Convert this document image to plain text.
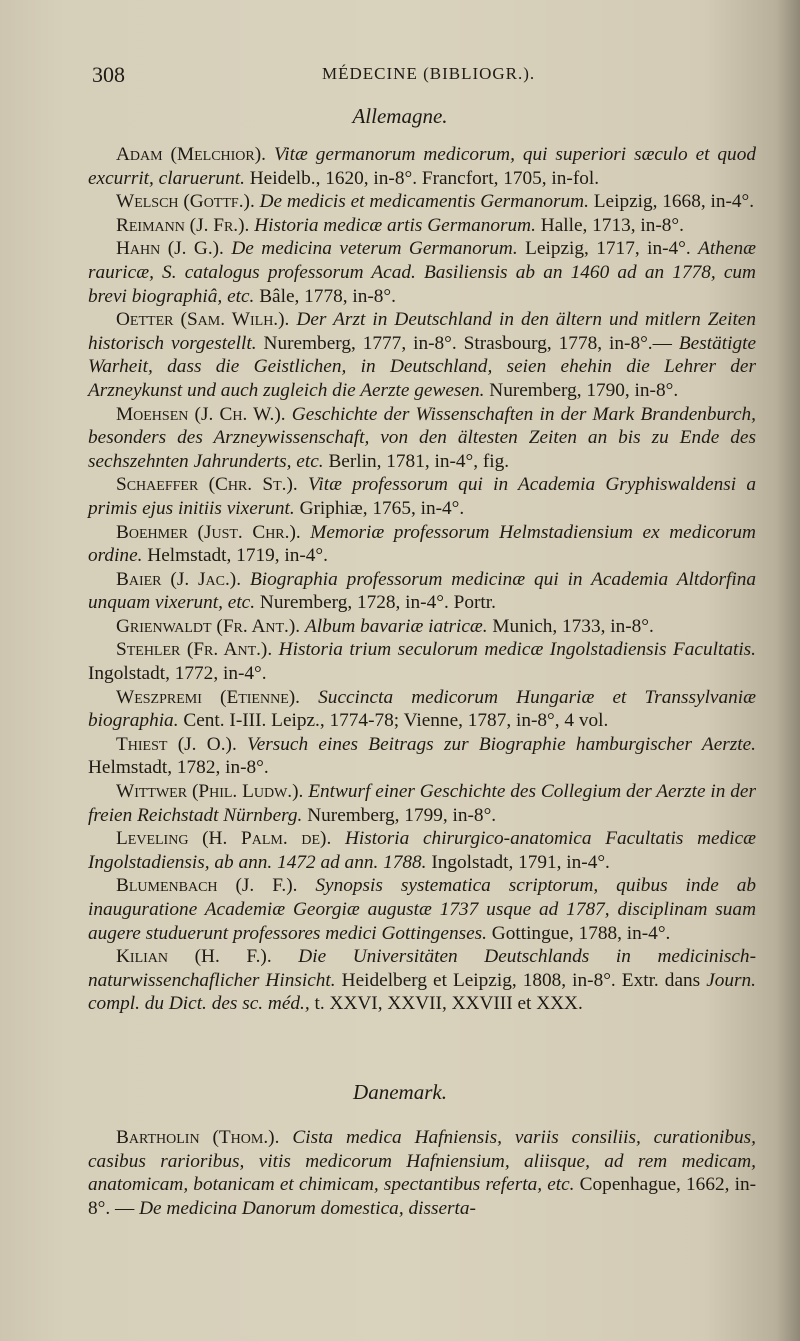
308	MÉDECINE (BIBLIOGR.).
Allemagne.

Adam (Melchior). Vitæ germanorum medicorum, qui superiori sæculo et quod excurrit, claruerunt. Heidelb., 1620, in-8°. Francfort, 1705, in-fol.

Welsch (Gottf.). De medicis et medicamentis Germanorum. Leipzig, 1668, in-4°.

Reimann (J. Fr.). Historia medicæ artis Germanorum. Halle, 1713, in-8°.

Hahn (J. G.). De medicina veterum Germanorum. Leipzig, 1717, in-4°. Athenæ rauricæ, S. catalogus professorum Acad. Basiliensis ab an 1460 ad an 1778, cum brevi biographiâ, etc. Bâle, 1778, in-8°.

Oetter (Sam. Wilh.). Der Arzt in Deutschland in den ältern und mitlern Zeiten historisch vorgestellt. Nuremberg, 1777, in-8°. Strasbourg, 1778, in-8°.— Bestätigte Warheit, dass die Geistlichen, in Deutschland, seien ehehin die Lehrer der Arzneykunst und auch zugleich die Aerzte gewesen. Nuremberg, 1790, in-8°.

Moehsen (J. Ch. W.). Geschichte der Wissenschaften in der Mark Brandenburch, besonders des Arzneywissenschaft, von den ältesten Zeiten an bis zu Ende des sechszehnten Jahrunderts, etc. Berlin, 1781, in-4°, fig.

Schaeffer (Chr. St.). Vitæ professorum qui in Academia Gryphiswaldensi a primis ejus initiis vixerunt. Griphiæ, 1765, in-4°.

Boehmer (Just. Chr.). Memoriæ professorum Helmstadiensium ex medicorum ordine. Helmstadt, 1719, in-4°.

Baier (J. Jac.). Biographia professorum medicinæ qui in Academia Altdorfina unquam vixerunt, etc. Nuremberg, 1728, in-4°. Portr.

Grienwaldt (Fr. Ant.). Album bavariæ iatricæ. Munich, 1733, in-8°.

Stehler (Fr. Ant.). Historia trium seculorum medicæ Ingolstadiensis Facultatis. Ingolstadt, 1772, in-4°.

Weszpremi (Etienne). Succincta medicorum Hungariæ et Transsylvaniæ biographia. Cent. I-III. Leipz., 1774-78; Vienne, 1787, in-8°, 4 vol.

Thiest (J. O.). Versuch eines Beitrags zur Biographie hamburgischer Aerzte. Helmstadt, 1782, in-8°.

Wittwer (Phil. Ludw.). Entwurf einer Geschichte des Collegium der Aerzte in der freien Reichstadt Nürnberg. Nuremberg, 1799, in-8°.

Leveling (H. Palm. de). Historia chirurgico-anatomica Facultatis medicæ Ingolstadiensis, ab ann. 1472 ad ann. 1788. Ingolstadt, 1791, in-4°.

Blumenbach (J. F.). Synopsis systematica scriptorum, quibus inde ab inauguratione Academiæ Georgiæ augustæ 1737 usque ad 1787, disciplinam suam augere studuerunt professores medici Gottingenses. Gottingue, 1788, in-4°.

Kilian (H. F.). Die Universitäten Deutschlands in medicinisch-naturwissenchaflicher Hinsicht. Heidelberg et Leipzig, 1808, in-8°. Extr. dans Journ. compl. du Dict. des sc. méd., t. XXVI, XXVII, XXVIII et XXX.

Danemark.

Bartholin (Thom.). Cista medica Hafniensis, variis consiliis, curationibus, casibus rarioribus, vitis medicorum Hafniensium, aliisque, ad rem medicam, anatomicam, botanicam et chimicam, spectantibus referta, etc. Copenhague, 1662, in-8°. — De medicina Danorum domestica, disserta-
